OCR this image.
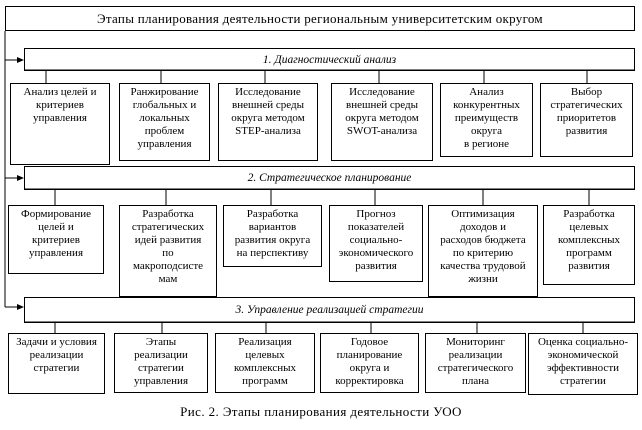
Этапы планирования деятельности региональным университетским округом
1. Диагностический анализ
Анализ целей и
критериев
управления
Ранжирование
глобальных и
локальных
проблем
управления
Исследование
внешней среды
округа методом
STEP-анализа
Исследование
внешней среды
округа методом
SWOT-анализа
Анализ
конкурентных
преимуществ
округа
в регионе
Выбор
стратегических
приоритетов
развития
2. Стратегическое планирование
Формирование
целей и
критериев
управления
Разработка
стратегических
идей развития
по
макроподсисте
мам
Разработка
вариантов
развития округа
на перспективу
Прогноз
показателей
социально-
экономического
развития
Оптимизация
доходов и
расходов бюджета
по критерию
качества трудовой
жизни
Разработка
целевых
комплексных
программ
развития
3. Управление реализацией стратегии
Задачи и условия
реализации
стратегии
Этапы
реализации
стратегии
управления
Реализация
целевых
комплексных
программ
Годовое
планирование
округа и
корректировка
Мониторинг
реализации
стратегического
плана
Оценка социально-
экономической
эффективности
стратегии
Рис. 2. Этапы планирования деятельности УОО
